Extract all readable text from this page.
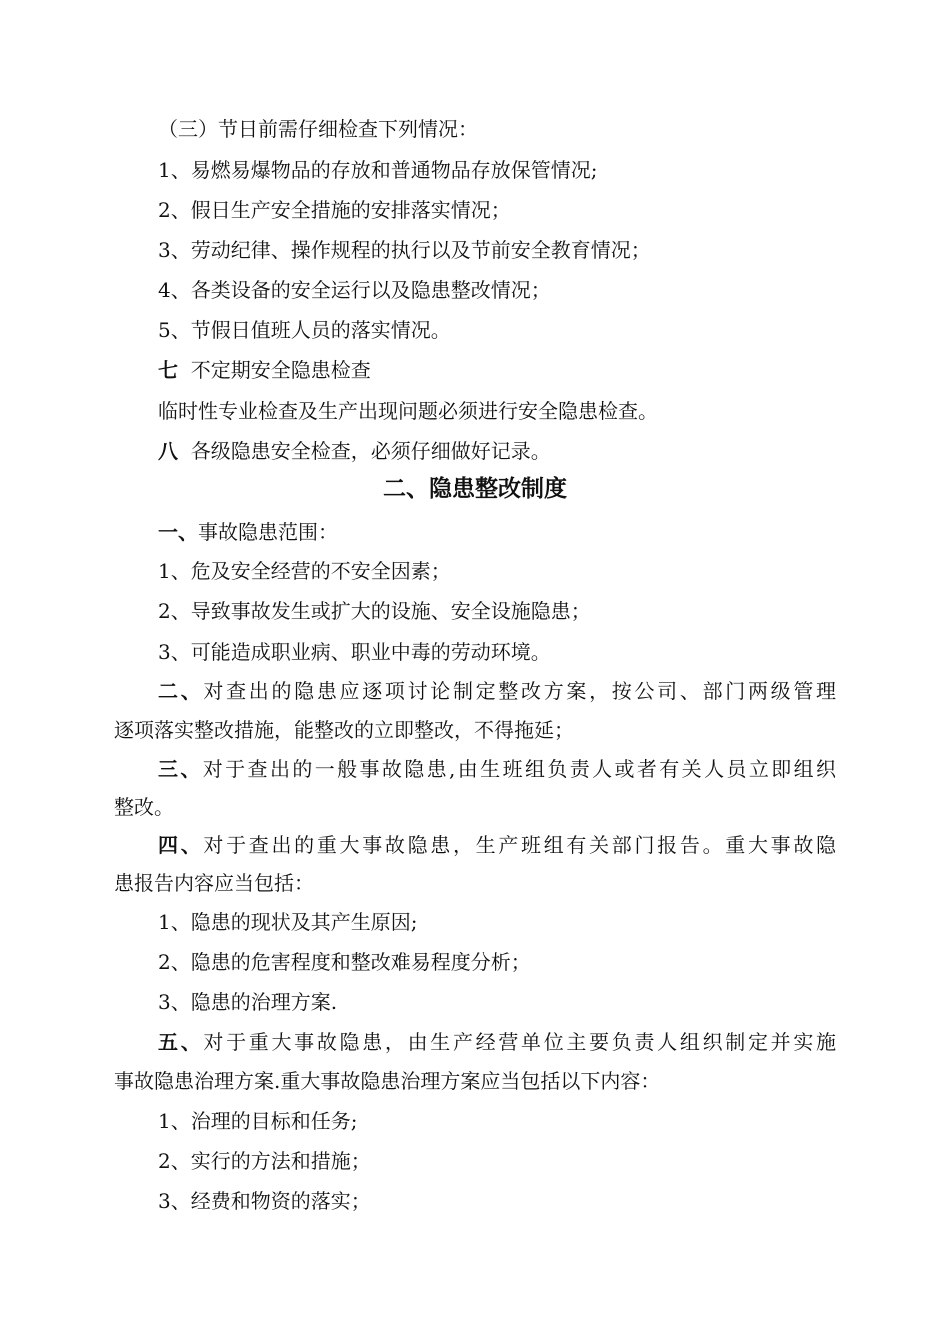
（三）节日前需仔细检查下列情况：
1、易燃易爆物品的存放和普通物品存放保管情况;
2、假日生产安全措施的安排落实情况；
3、劳动纪律、操作规程的执行以及节前安全教育情况；
4、各类设备的安全运行以及隐患整改情况；
5、节假日值班人员的落实情况。
七 不定期安全隐患检查
临时性专业检查及生产出现问题必须进行安全隐患检查。
八 各级隐患安全检查，必须仔细做好记录。
二、隐患整改制度
一、事故隐患范围：
1、危及安全经营的不安全因素；
2、导致事故发生或扩大的设施、安全设施隐患；
3、可能造成职业病、职业中毒的劳动环境。
二、对查出的隐患应逐项讨论制定整改方案，按公司、部门两级管理
逐项落实整改措施，能整改的立即整改，不得拖延；
三、对于查出的一般事故隐患,由生班组负责人或者有关人员立即组织
整改。
四、对于查出的重大事故隐患，生产班组有关部门报告。重大事故隐
患报告内容应当包括：
1、隐患的现状及其产生原因;
2、隐患的危害程度和整改难易程度分析；
3、隐患的治理方案.
五、对于重大事故隐患，由生产经营单位主要负责人组织制定并实施
事故隐患治理方案.重大事故隐患治理方案应当包括以下内容：
1、治理的目标和任务;
2、实行的方法和措施；
3、经费和物资的落实；
